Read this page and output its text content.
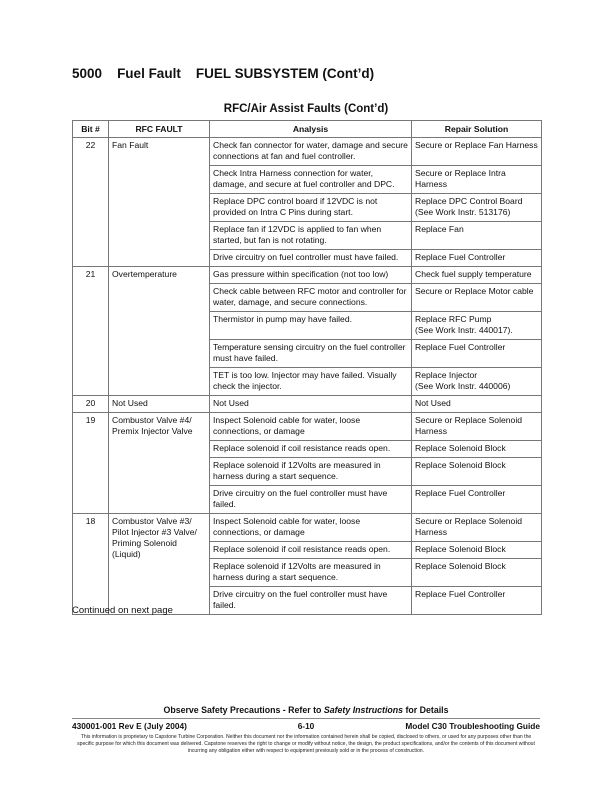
5000 Fuel Fault FUEL SUBSYSTEM (Cont’d)
RFC/Air Assist Faults (Cont’d)
Bit #	RFC FAULT	Analysis	Repair Solution
22	Fan Fault	Check fan connector for water, damage and secure connections at fan and fuel controller.	Secure or Replace Fan Harness
		Check Intra Harness connection for water, damage, and secure at fuel controller and DPC.	Secure or Replace Intra Harness
		Replace DPC control board if 12VDC is not provided on Intra C Pins during start.	Replace DPC Control Board (See Work Instr. 513176)
		Replace fan if 12VDC is applied to fan when started, but fan is not rotating.	Replace Fan
		Drive circuitry on fuel controller must have failed.	Replace Fuel Controller
21	Overtemperature	Gas pressure within specification (not too low)	Check fuel supply temperature
		Check cable between RFC motor and controller for water, damage, and secure connections.	Secure or Replace Motor cable
		Thermistor in pump may have failed.	Replace RFC Pump
(See Work Instr. 440017).
		Temperature sensing circuitry on the fuel controller must have failed.	Replace Fuel Controller
		TET is too low. Injector may have failed. Visually check the injector.	Replace Injector
(See Work Instr. 440006)
20	Not Used	Not Used	Not Used
19	Combustor Valve #4/ Premix Injector Valve	Inspect Solenoid cable for water, loose connections, or damage	Secure or Replace Solenoid Harness
		Replace solenoid if coil resistance reads open.	Replace Solenoid Block
		Replace solenoid if 12Volts are measured in harness during a start sequence.	Replace Solenoid Block
		Drive circuitry on the fuel controller must have failed.	Replace Fuel Controller
18	Combustor Valve #3/ Pilot Injector #3 Valve/ Priming Solenoid (Liquid)	Inspect Solenoid cable for water, loose connections, or damage	Secure or Replace Solenoid Harness
		Replace solenoid if coil resistance reads open.	Replace Solenoid Block
		Replace solenoid if 12Volts are measured in harness during a start sequence.	Replace Solenoid Block
		Drive circuitry on the fuel controller must have failed.	Replace Fuel Controller
Continued on next page
Observe Safety Precautions - Refer to Safety Instructions for Details
430001-001 Rev E (July 2004)	6-10	Model C30 Troubleshooting Guide
This information is proprietary to Capstone Turbine Corporation. Neither this document nor the information contained herein shall be copied, disclosed to others, or used for any purposes other than the specific purpose for which this document was delivered. Capstone reserves the right to change or modify without notice, the design, the product specifications, and/or the contents of this document without incurring any obligation either with respect to equipment previously sold or in the process of construction.
